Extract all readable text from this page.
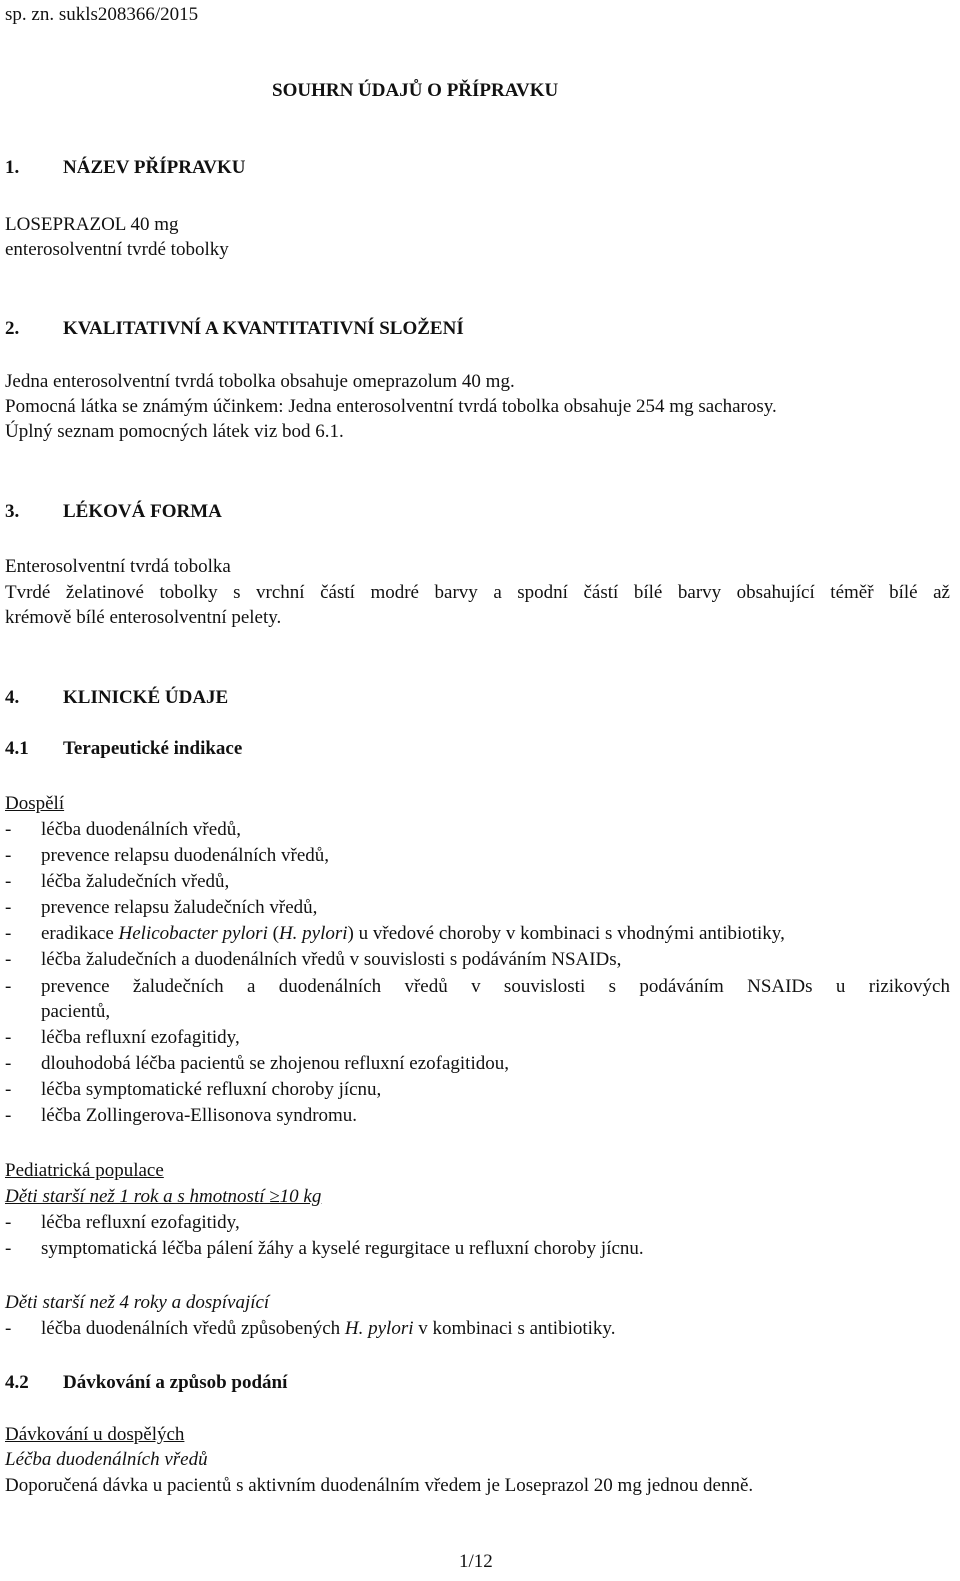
sp. zn. sukls208366/2015
SOUHRN ÚDAJŮ O PŘÍPRAVKU
1. NÁZEV PŘÍPRAVKU
LOSEPRAZOL 40 mg
enterosolventní tvrdé tobolky
2. KVALITATIVNÍ A KVANTITATIVNÍ SLOŽENÍ
Jedna enterosolventní tvrdá tobolka obsahuje omeprazolum 40 mg.
Pomocná látka se známým účinkem: Jedna enterosolventní tvrdá tobolka obsahuje 254 mg sacharosy.
Úplný seznam pomocných látek viz bod 6.1.
3. LÉKOVÁ FORMA
Enterosolventní tvrdá tobolka
Tvrdé želatinové tobolky s vrchní částí modré barvy a spodní částí bílé barvy obsahující téměř bílé až
krémově bílé enterosolventní pelety.
4. KLINICKÉ ÚDAJE
4.1 Terapeutické indikace
Dospělí
- léčba duodenálních vředů,
- prevence relapsu duodenálních vředů,
- léčba žaludečních vředů,
- prevence relapsu žaludečních vředů,
- eradikace Helicobacter pylori (H. pylori) u vředové choroby v kombinaci s vhodnými antibiotiky,
- léčba žaludečních a duodenálních vředů v souvislosti s podáváním NSAIDs,
- prevence žaludečních a duodenálních vředů v souvislosti s podáváním NSAIDs u rizikových
pacientů,
- léčba refluxní ezofagitidy,
- dlouhodobá léčba pacientů se zhojenou refluxní ezofagitidou,
- léčba symptomatické refluxní choroby jícnu,
- léčba Zollingerova-Ellisonova syndromu.
Pediatrická populace
Děti starší než 1 rok a s hmotností ≥10 kg
- léčba refluxní ezofagitidy,
- symptomatická léčba pálení žáhy a kyselé regurgitace u refluxní choroby jícnu.
Děti starší než 4 roky a dospívající
- léčba duodenálních vředů způsobených H. pylori v kombinaci s antibiotiky.
4.2 Dávkování a způsob podání
Dávkování u dospělých
Léčba duodenálních vředů
Doporučená dávka u pacientů s aktivním duodenálním vředem je Loseprazol 20 mg jednou denně.
1/12
